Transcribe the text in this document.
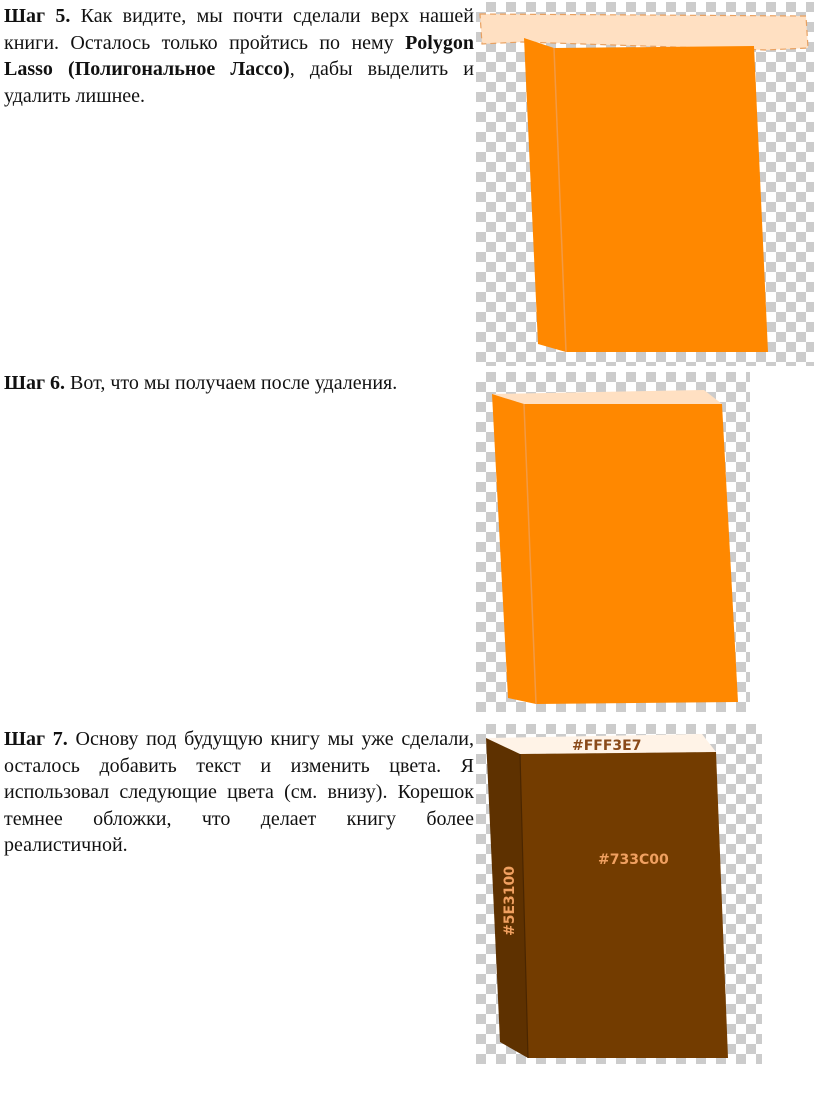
Шаг 5. Как видите, мы почти сделали верх нашей книги. Осталось только пройтись по нему Polygon Lasso (Полигональное Лассо), дабы выделить и удалить лишнее.

Шаг 6. Вот, что мы получаем после удаления.

Шаг 7. Основу под будущую книгу мы уже сделали, осталось добавить текст и изменить цвета. Я использовал следующие цвета (см. внизу). Корешок темнее обложки, что делает книгу более реалистичной.

#FFF3E7
#733C00
#5E3100
